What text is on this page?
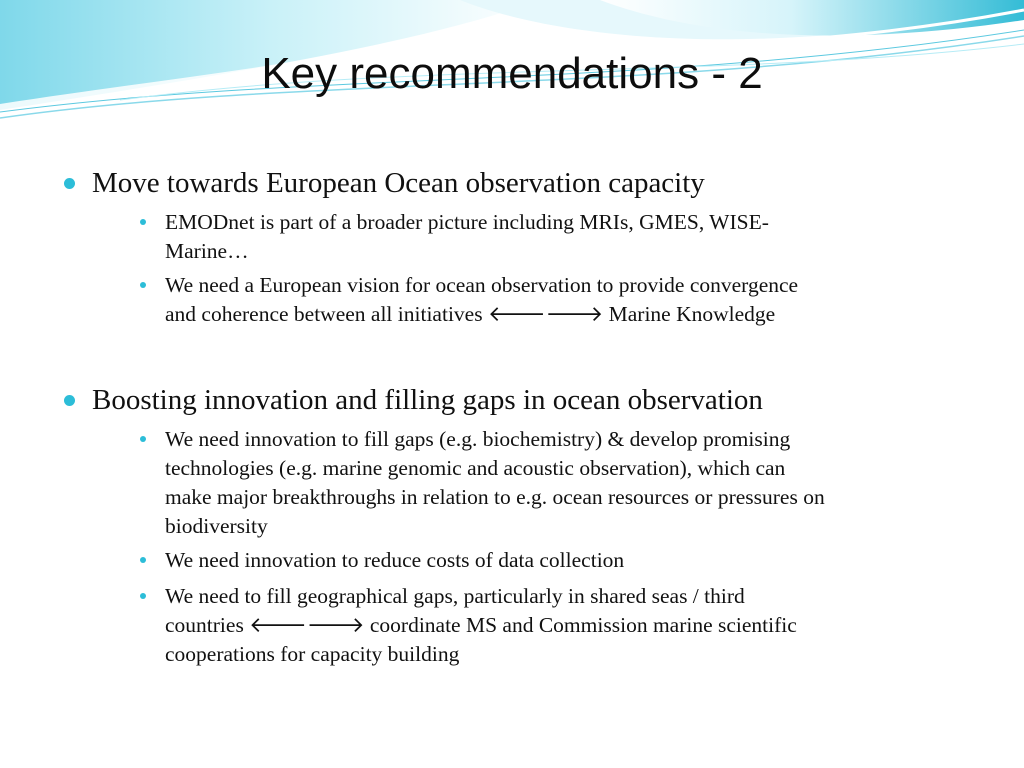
Key recommendations - 2
Move towards European Ocean observation capacity
EMODnet is part of a broader picture including MRIs, GMES, WISE-
Marine…
We need a European vision for ocean observation to provide convergence
and coherence between all initiatives 🡐🡒 Marine Knowledge
Boosting innovation and filling gaps in ocean observation
We need innovation to fill gaps (e.g. biochemistry) & develop promising
technologies (e.g. marine genomic and acoustic observation), which can
make major breakthroughs in relation to e.g. ocean resources or pressures on
biodiversity
We need innovation to reduce costs of data collection
We need to fill geographical gaps, particularly in shared seas / third
countries 🡐🡒 coordinate MS and Commission marine scientific
cooperations for capacity building
